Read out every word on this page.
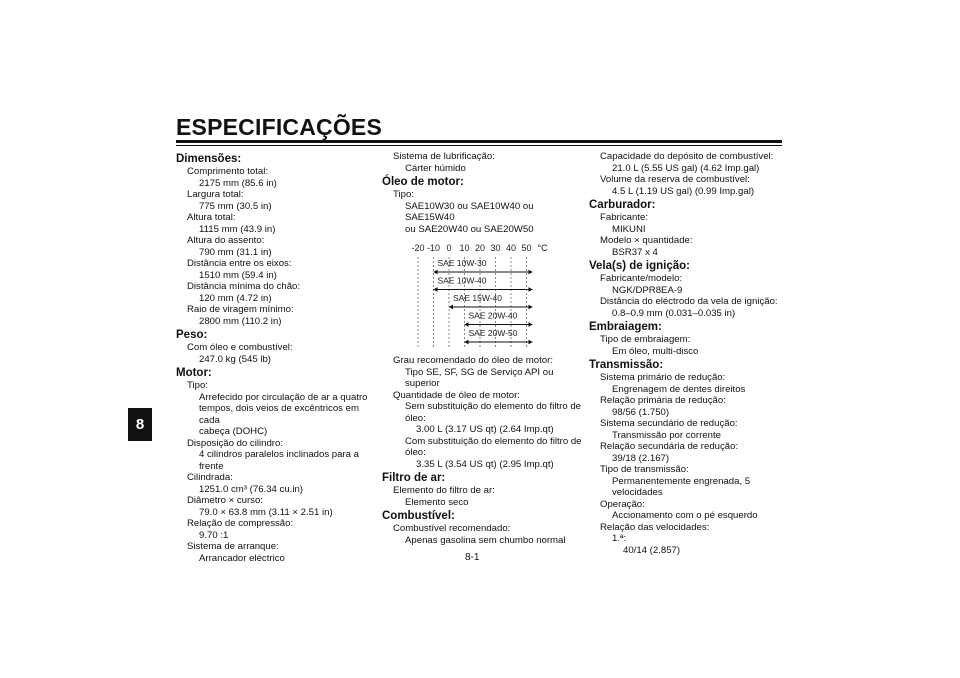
ESPECIFICAÇÕES
8
Dimensões:
Comprimento total:
2175 mm (85.6 in)
Largura total:
775 mm (30.5 in)
Altura total:
1115 mm (43.9 in)
Altura do assento:
790 mm (31.1 in)
Distância entre os eixos:
1510 mm (59.4 in)
Distância mínima do chão:
120 mm (4.72 in)
Raio de viragem mínimo:
2800 mm (110.2 in)
Peso:
Com óleo e combustível:
247.0 kg (545 lb)
Motor:
Tipo:
Arrefecido por circulação de ar a quatro
tempos, dois veios de excêntricos em cada
cabeça (DOHC)
Disposição do cilindro:
4 cilindros paralelos inclinados para a
frente
Cilindrada:
1251.0 cm³ (76.34 cu.in)
Diâmetro × curso:
79.0 × 63.8 mm (3.11 × 2.51 in)
Relação de compressão:
9.70 :1
Sistema de arranque:
Arrancador eléctrico
Sistema de lubrificação:
Cárter húmido
Óleo de motor:
Tipo:
SAE10W30 ou SAE10W40 ou SAE15W40
ou SAE20W40 ou SAE20W50
-20 -10 0 10 20 30 40 50 °C
SAE 10W-30
SAE 10W-40
SAE 15W-40
SAE 20W-40
SAE 20W-50
Grau recomendado do óleo de motor:
Tipo SE, SF, SG de Serviço API ou
superior
Quantidade de óleo de motor:
Sem substituição do elemento do filtro de
óleo:
3.00 L (3.17 US qt) (2.64 Imp.qt)
Com substituição do elemento do filtro de
óleo:
3.35 L (3.54 US qt) (2.95 Imp.qt)
Filtro de ar:
Elemento do filtro de ar:
Elemento seco
Combustível:
Combustível recomendado:
Apenas gasolina sem chumbo normal
Capacidade do depósito de combustível:
21.0 L (5.55 US gal) (4.62 Imp.gal)
Volume da reserva de combustível:
4.5 L (1.19 US gal) (0.99 Imp.gal)
Carburador:
Fabricante:
MIKUNI
Modelo × quantidade:
BSR37 x 4
Vela(s) de ignição:
Fabricante/modelo:
NGK/DPR8EA-9
Distância do eléctrodo da vela de ignição:
0.8–0.9 mm (0.031–0.035 in)
Embraiagem:
Tipo de embraiagem:
Em óleo, multi-disco
Transmissão:
Sistema primário de redução:
Engrenagem de dentes direitos
Relação primária de redução:
98/56 (1.750)
Sistema secundário de redução:
Transmissão por corrente
Relação secundária de redução:
39/18 (2.167)
Tipo de transmissão:
Permanentemente engrenada, 5
velocidades
Operação:
Accionamento com o pé esquerdo
Relação das velocidades:
1.ª:
40/14 (2.857)
8-1
